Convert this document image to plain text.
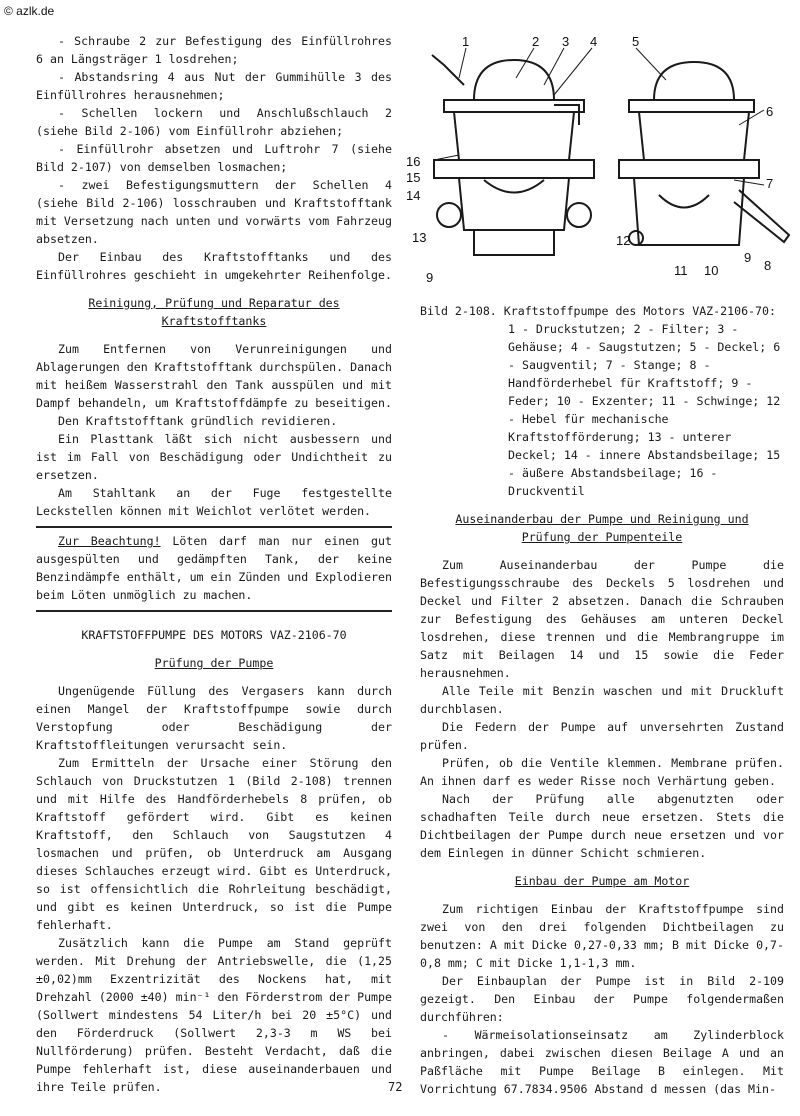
© azlk.de

- Schraube 2 zur Befestigung des Einfüllrohres 6 an Längsträger 1 losdrehen;

- Abstandsring 4 aus Nut der Gummihülle 3 des Einfüllrohres herausnehmen;

- Schellen lockern und Anschlußschlauch 2 (siehe Bild 2-106) vom Einfüllrohr abziehen;

- Einfüllrohr absetzen und Luftrohr 7 (siehe Bild 2-107) von demselben losmachen;

- zwei Befestigungsmuttern der Schellen 4 (siehe Bild 2-106) losschrauben und Kraftstofftank mit Versetzung nach unten und vorwärts vom Fahrzeug absetzen.

Der Einbau des Kraftstofftanks und des Einfüllrohres geschieht in umgekehrter Reihenfolge.

Reinigung, Prüfung und Reparatur des

Kraftstofftanks

Zum Entfernen von Verunreinigungen und Ablagerungen den Kraftstofftank durchspülen. Danach mit heißem Wasserstrahl den Tank ausspülen und mit Dampf behandeln, um Kraftstoffdämpfe zu beseitigen.

Den Kraftstofftank gründlich revidieren.

Ein Plasttank läßt sich nicht ausbessern und ist im Fall von Beschädigung oder Undichtheit zu ersetzen.

Am Stahltank an der Fuge festgestellte Leckstellen können mit Weichlot verlötet werden.

Zur Beachtung! Löten darf man nur einen gut ausgespülten und gedämpften Tank, der keine Benzindämpfe enthält, um ein Zünden und Explodieren beim Löten unmöglich zu machen.

KRAFTSTOFFPUMPE DES MOTORS VAZ-2106-70

Prüfung der Pumpe

Ungenügende Füllung des Vergasers kann durch einen Mangel der Kraftstoffpumpe sowie durch Verstopfung oder Beschädigung der Kraftstoffleitungen verursacht sein.

Zum Ermitteln der Ursache einer Störung den Schlauch von Druckstutzen 1 (Bild 2-108) trennen und mit Hilfe des Handförderhebels 8 prüfen, ob Kraftstoff gefördert wird. Gibt es keinen Kraftstoff, den Schlauch von Saugstutzen 4 losmachen und prüfen, ob Unterdruck am Ausgang dieses Schlauches erzeugt wird. Gibt es Unterdruck, so ist offensichtlich die Rohrleitung beschädigt, und gibt es keinen Unterdruck, so ist die Pumpe fehlerhaft.

Zusätzlich kann die Pumpe am Stand geprüft werden. Mit Drehung der Antriebswelle, die (1,25 ±0,02)mm Exzentrizität des Nockens hat, mit Drehzahl (2000 ±40) min⁻¹ den Förderstrom der Pumpe (Sollwert mindestens 54 Liter/h bei 20 ±5°C) und den Förderdruck (Sollwert 2,3-3 m WS bei Nullförderung) prüfen. Besteht Verdacht, daß die Pumpe fehlerhaft ist, diese auseinanderbauen und ihre Teile prüfen.

1	2 3 4	5
6
7
8
9
10
11
12
13
14
15
16
9

Bild 2-108. Kraftstoffpumpe des Motors VAZ-2106-70: 1 - Druckstutzen; 2 - Filter; 3 - Gehäuse; 4 - Saugstutzen; 5 - Deckel; 6 - Saugventil; 7 - Stange; 8 - Handförderhebel für Kraftstoff; 9 - Feder; 10 - Exzenter; 11 - Schwinge; 12 - Hebel für mechanische Kraftstofförderung; 13 - unterer Deckel; 14 - innere Abstandsbeilage; 15 - äußere Abstandsbeilage; 16 - Druckventil

Auseinanderbau der Pumpe und Reinigung und

Prüfung der Pumpenteile

Zum Auseinanderbau der Pumpe die Befestigungsschraube des Deckels 5 losdrehen und Deckel und Filter 2 absetzen. Danach die Schrauben zur Befestigung des Gehäuses am unteren Deckel losdrehen, diese trennen und die Membrangruppe im Satz mit Beilagen 14 und 15 sowie die Feder herausnehmen.

Alle Teile mit Benzin waschen und mit Druckluft durchblasen.

Die Federn der Pumpe auf unversehrten Zustand prüfen.

Prüfen, ob die Ventile klemmen. Membrane prüfen. An ihnen darf es weder Risse noch Verhärtung geben.

Nach der Prüfung alle abgenutzten oder schadhaften Teile durch neue ersetzen. Stets die Dichtbeilagen der Pumpe durch neue ersetzen und vor dem Einlegen in dünner Schicht schmieren.

Einbau der Pumpe am Motor

Zum richtigen Einbau der Kraftstoffpumpe sind zwei von den drei folgenden Dichtbeilagen zu benutzen: A mit Dicke 0,27-0,33 mm; B mit Dicke 0,7-0,8 mm; C mit Dicke 1,1-1,3 mm.

Der Einbauplan der Pumpe ist in Bild 2-109 gezeigt. Den Einbau der Pumpe folgendermaßen durchführen:

- Wärmeisolationseinsatz am Zylinderblock anbringen, dabei zwischen diesen Beilage A und an Paßfläche mit Pumpe Beilage B einlegen. Mit Vorrichtung 67.7834.9506 Abstand d messen (das Min-

72
